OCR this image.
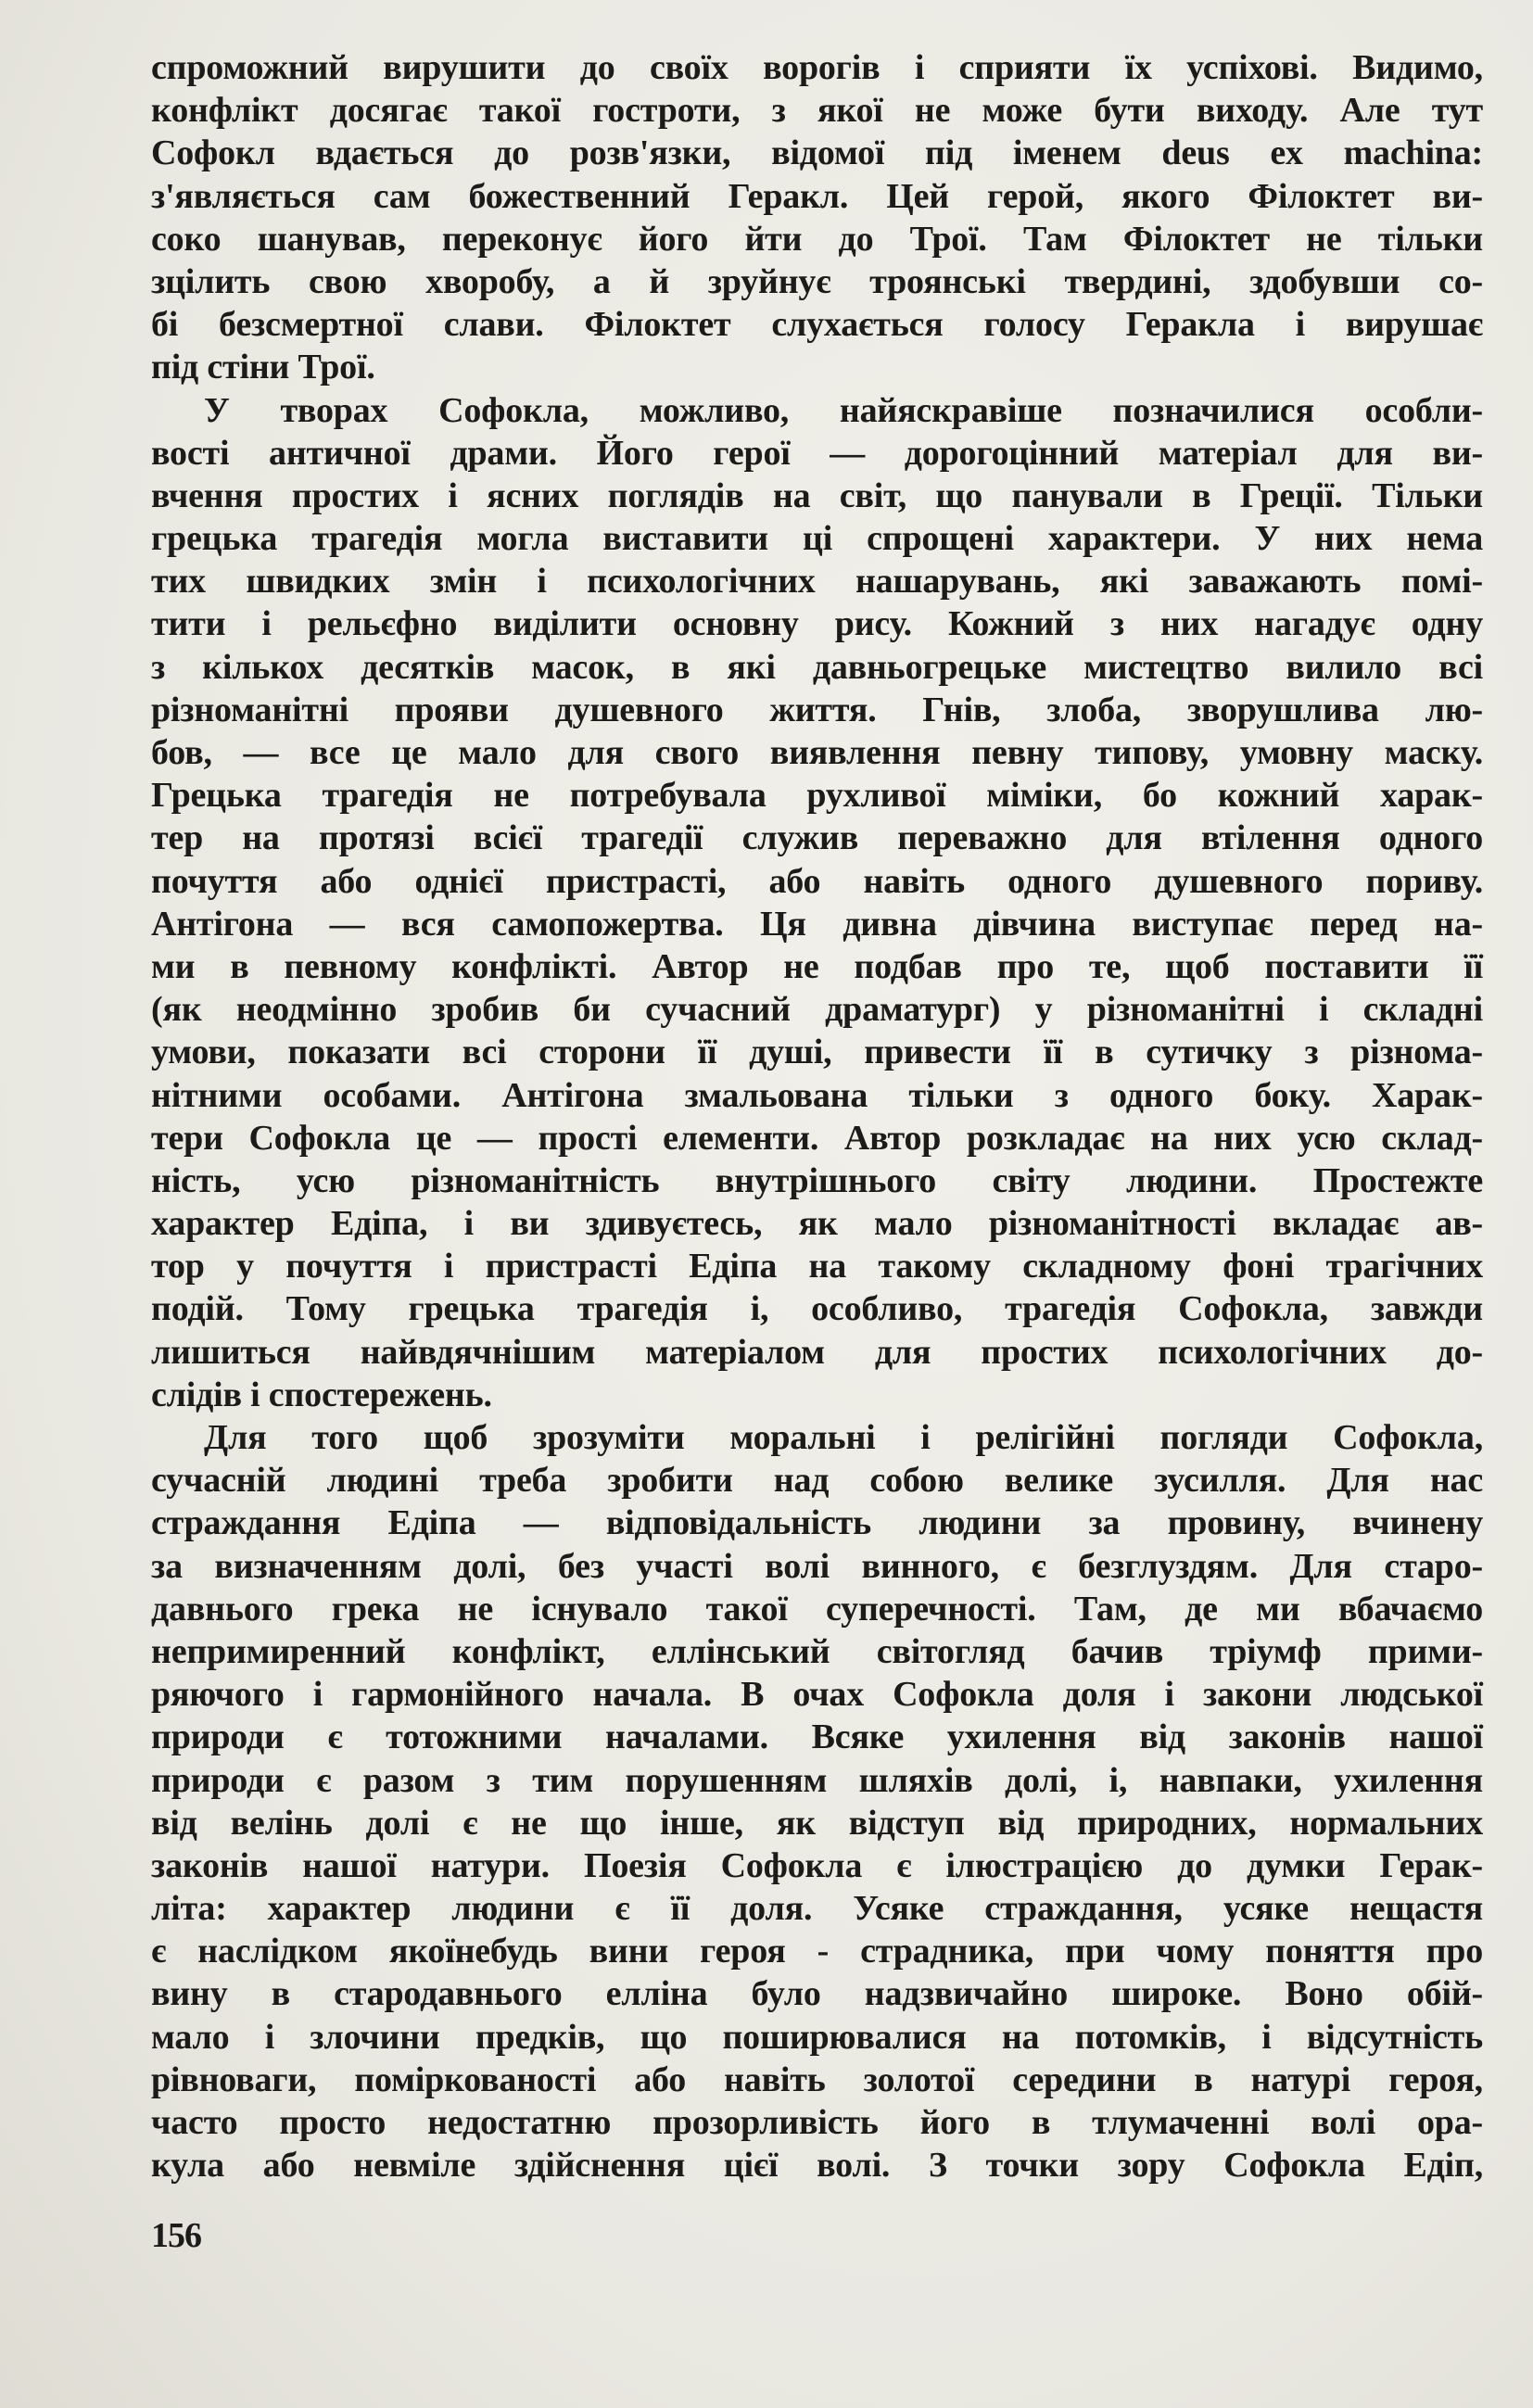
спроможний вирушити до своїх ворогів і сприяти їх успіхові. Видимо,
конфлікт досягає такої гостроти, з якої не може бути виходу. Але тут
Софокл вдається до розв'язки, відомої під іменем deus ex machina:
з'являється сам божественний Геракл. Цей герой, якого Філоктет ви-
соко шанував, переконує його йти до Трої. Там Філоктет не тільки
зцілить свою хворобу, а й зруйнує троянські твердині, здобувши со-
бі безсмертної слави. Філоктет слухається голосу Геракла і вирушає
під стіни Трої.
У творах Софокла, можливо, найяскравіше позначилися особли-
вості античної драми. Його герої — дорогоцінний матеріал для ви-
вчення простих і ясних поглядів на світ, що панували в Греції. Тільки
грецька трагедія могла виставити ці спрощені характери. У них нема
тих швидких змін і психологічних нашарувань, які заважають помі-
тити і рельєфно виділити основну рису. Кожний з них нагадує одну
з кількох десятків масок, в які давньогрецьке мистецтво вилило всі
різноманітні прояви душевного життя. Гнів, злоба, зворушлива лю-
бов, — все це мало для свого виявлення певну типову, умовну маску.
Грецька трагедія не потребувала рухливої міміки, бо кожний харак-
тер на протязі всієї трагедії служив переважно для втілення одного
почуття або однієї пристрасті, або навіть одного душевного пориву.
Антігона — вся самопожертва. Ця дивна дівчина виступає перед на-
ми в певному конфлікті. Автор не подбав про те, щоб поставити її
(як неодмінно зробив би сучасний драматург) у різноманітні і складні
умови, показати всі сторони її душі, привести її в сутичку з різнома-
нітними особами. Антігона змальована тільки з одного боку. Харак-
тери Софокла це — прості елементи. Автор розкладає на них усю склад-
ність, усю різноманітність внутрішнього світу людини. Простежте
характер Едіпа, і ви здивуєтесь, як мало різноманітності вкладає ав-
тор у почуття і пристрасті Едіпа на такому складному фоні трагічних
подій. Тому грецька трагедія і, особливо, трагедія Софокла, завжди
лишиться найвдячнішим матеріалом для простих психологічних до-
слідів і спостережень.
Для того щоб зрозуміти моральні і релігійні погляди Софокла,
сучасній людині треба зробити над собою велике зусилля. Для нас
страждання Едіпа — відповідальність людини за провину, вчинену
за визначенням долі, без участі волі винного, є безглуздям. Для старо-
давнього грека не існувало такої суперечності. Там, де ми вбачаємо
непримиренний конфлікт, еллінський світогляд бачив тріумф прими-
ряючого і гармонійного начала. В очах Софокла доля і закони людської
природи є тотожними началами. Всяке ухилення від законів нашої
природи є разом з тим порушенням шляхів долі, і, навпаки, ухилення
від велінь долі є не що інше, як відступ від природних, нормальних
законів нашої натури. Поезія Софокла є ілюстрацією до думки Герак-
літа: характер людини є її доля. Усяке страждання, усяке нещастя
є наслідком якоїнебудь вини героя - страдника, при чому поняття про
вину в стародавнього елліна було надзвичайно широке. Воно обій-
мало і злочини предків, що поширювалися на потомків, і відсутність
рівноваги, поміркованості або навіть золотої середини в натурі героя,
часто просто недостатню прозорливість його в тлумаченні волі ора-
кула або невміле здійснення цієї волі. З точки зору Софокла Едіп,
156
